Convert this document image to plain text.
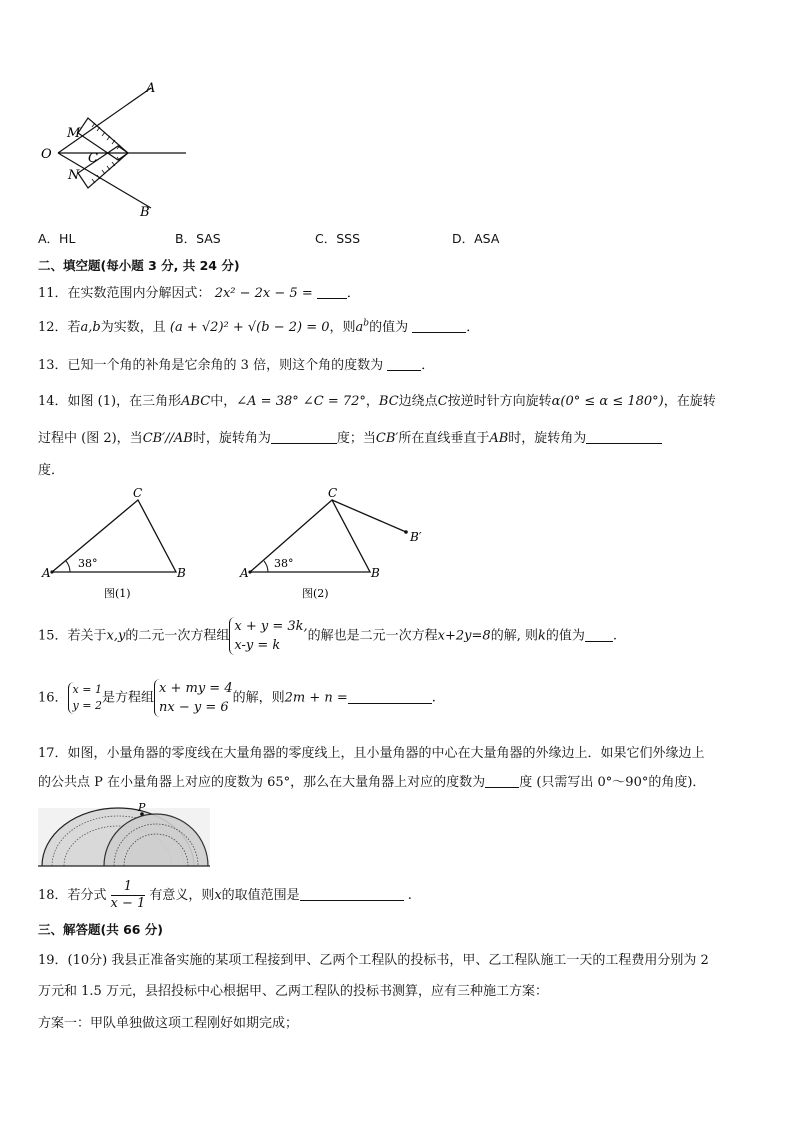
A
B
O
M
N
C
A．HL	B．SAS	C．SSS	D．ASA
二、填空题(每小题 3 分, 共 24 分)
11．在实数范围内分解因式： 2x² − 2x − 5 =	．
12．若a,b为实数，且 (a + √2)² + √(b − 2) = 0，则$a^b$的值为	．
13．已知一个角的补角是它余角的 3 倍，则这个角的度数为	．
14．如图 (1)，在三角形ABC中，∠A = 38° ∠C = 72°，BC边绕点C按逆时针方向旋转α(0° ≤ α ≤ 180°)，在旋转
过程中 (图 2)，当CB′//AB时，旋转角为	度；当CB′所在直线垂直于AB时，旋转角为
度．
A	B
C
38°
图(1)
A	B
C
B′
38°
图(2)
15．若关于x,y的二元一次方程组
x + y = 3k,
x-y = k
的解也是二元一次方程x+2y=8的解, 则k的值为 .
16．
x = 1
y = 2 是方程组
x + my = 4
nx − y = 6
的解，则2m + n =	.
17．如图，小量角器的零度线在大量角器的零度线上，且小量角器的中心在大量角器的外缘边上．如果它们外缘边上
的公共点 P 在小量角器上对应的度数为 65°，那么在大量角器上对应的度数为	度 (只需写出 0°～90°的角度)．
P
18．若分式 $\frac{1}{x - 1}$ 有意义，则x的取值范围是	.
三、解答题(共 66 分)
19．(10分) 我县正准备实施的某项工程接到甲、乙两个工程队的投标书，甲、乙工程队施工一天的工程费用分别为 2
万元和 1.5 万元，县招投标中心根据甲、乙两工程队的投标书测算，应有三种施工方案：
方案一：甲队单独做这项工程刚好如期完成；
